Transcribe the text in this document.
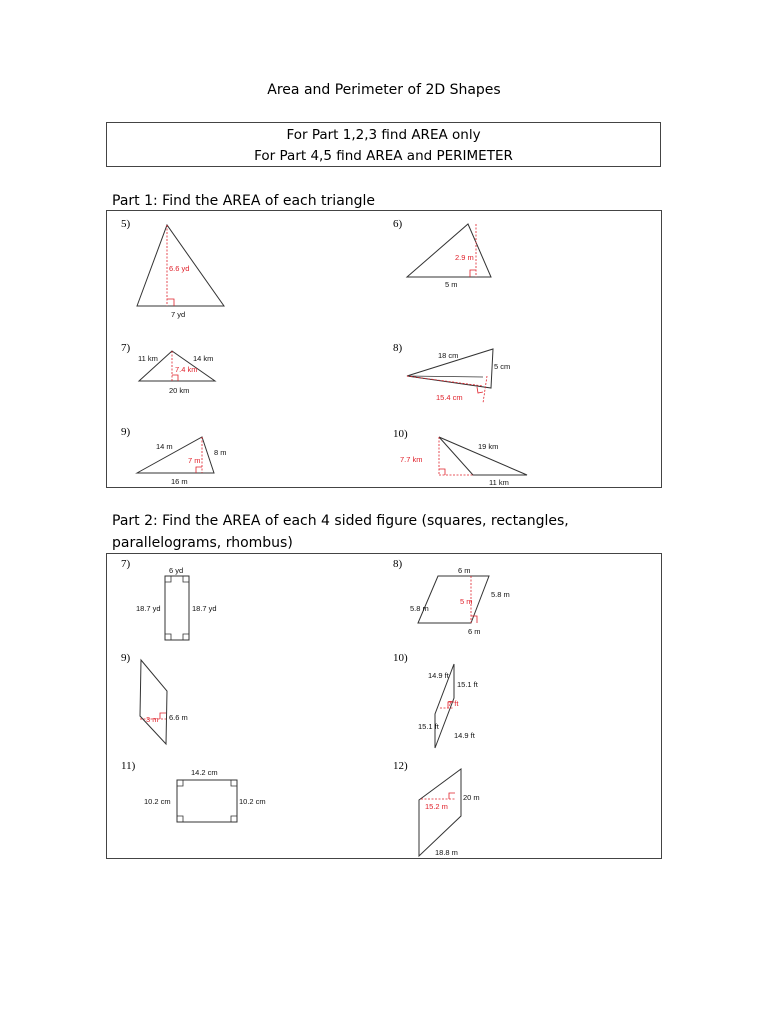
Area and Perimeter of 2D Shapes
For Part 1,2,3 find AREA only
For Part 4,5 find AREA and PERIMETER
Part 1: Find the AREA of each triangle
5)
6.6 yd
7 yd
6)
2.9 m
5 m
7)
11 km	14 km
7.4 km
20 km
8)
18 cm
5 cm
15.4 cm
9)
14 m
8 m
7 m
16 m
10)
19 km
7.7 km
11 km
Part 2: Find the AREA of each 4 sided figure (squares, rectangles,
parallelograms, rhombus)
7)
6 yd
18.7 yd	18.7 yd
8)
6 m
5.8 m
5.8 m
5 m
6 m
9)
3 m 6.6 m
10)
14.9 ft
15.1 ft
7 ft
15.1 ft
14.9 ft
11)
14.2 cm
10.2 cm	10.2 cm
12)
20 m
15.2 m
18.8 m
